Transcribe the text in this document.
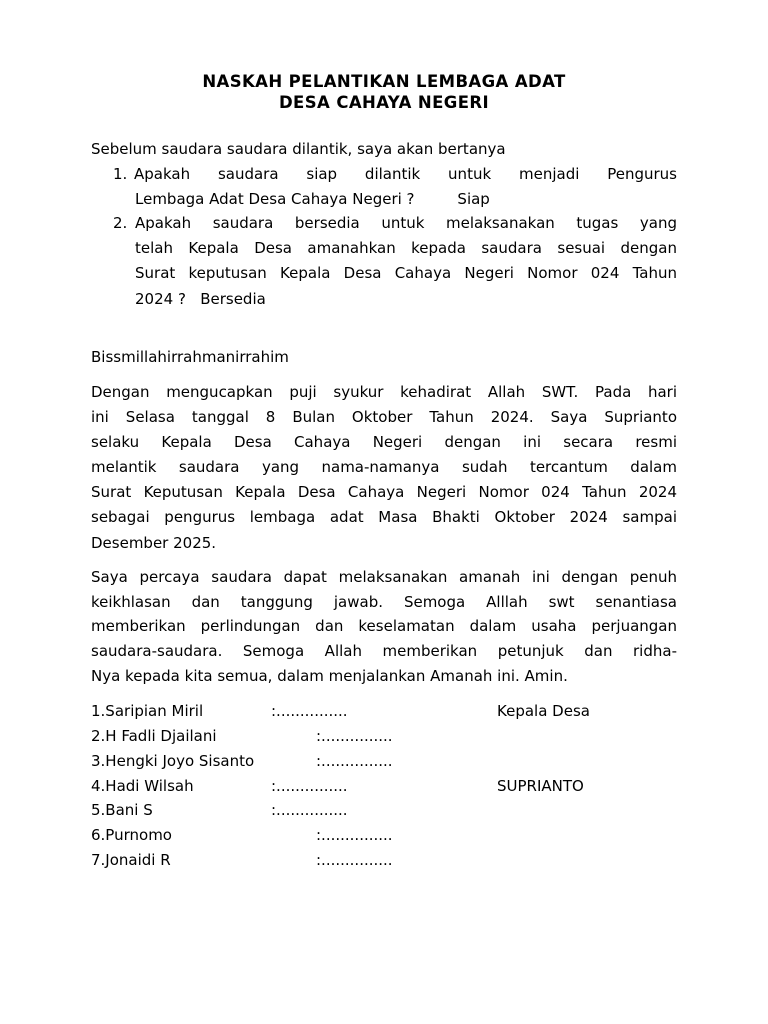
NASKAH PELANTIKAN LEMBAGA ADAT
DESA CAHAYA NEGERI
Sebelum saudara saudara dilantik, saya akan bertanya
1. Apakah saudara siap dilantik untuk menjadi Pengurus
Lembaga Adat Desa Cahaya Negeri ?         Siap
2. Apakah saudara bersedia untuk melaksanakan tugas yang
telah Kepala Desa amanahkan kepada saudara sesuai dengan
Surat keputusan Kepala Desa Cahaya Negeri Nomor 024 Tahun
2024 ?   Bersedia
Bissmillahirrahmanirrahim
Dengan mengucapkan puji syukur kehadirat Allah SWT. Pada hari
ini Selasa tanggal 8 Bulan Oktober Tahun 2024. Saya Suprianto
selaku Kepala Desa Cahaya Negeri dengan ini secara resmi
melantik saudara yang nama-namanya sudah tercantum dalam
Surat Keputusan Kepala Desa Cahaya Negeri Nomor 024 Tahun 2024
sebagai pengurus lembaga adat Masa Bhakti Oktober 2024 sampai
Desember 2025.
Saya percaya saudara dapat melaksanakan amanah ini dengan penuh
keikhlasan dan tanggung jawab. Semoga Alllah swt senantiasa
memberikan perlindungan dan keselamatan dalam usaha perjuangan
saudara-saudara. Semoga Allah memberikan petunjuk dan ridha-
Nya kepada kita semua, dalam menjalankan Amanah ini. Amin.
1.Saripian Miril	:...............	Kepala Desa
2.H Fadli Djailani	:...............
3.Hengki Joyo Sisanto	:...............
4.Hadi Wilsah	:...............	SUPRIANTO
5.Bani S	:...............
6.Purnomo	:...............
7.Jonaidi R	:...............
